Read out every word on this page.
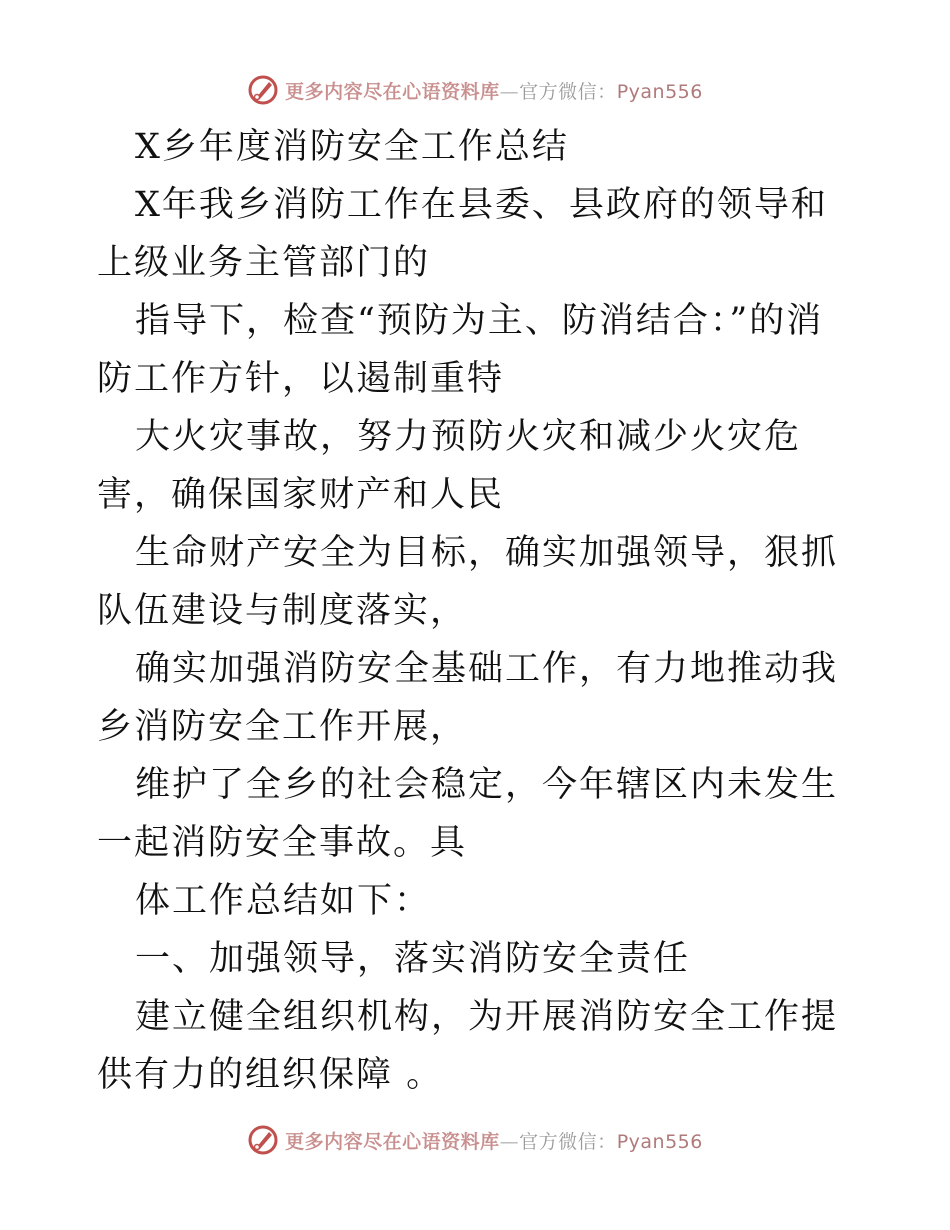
更多内容尽在心语资料库—官方微信：Pyan556

X乡年度消防安全工作总结

X年我乡消防工作在县委、县政府的领导和上级业务主管部门的

指导下，检查“预防为主、防消结合：”的消防工作方针，以遏制重特

大火灾事故，努力预防火灾和减少火灾危害，确保国家财产和人民

生命财产安全为目标，确实加强领导，狠抓队伍建设与制度落实，

确实加强消防安全基础工作，有力地推动我乡消防安全工作开展，

维护了全乡的社会稳定，今年辖区内未发生一起消防安全事故。具

体工作总结如下：

一、加强领导，落实消防安全责任

建立健全组织机构，为开展消防安全工作提供有力的组织保障 。

更多内容尽在心语资料库—官方微信：Pyan556
